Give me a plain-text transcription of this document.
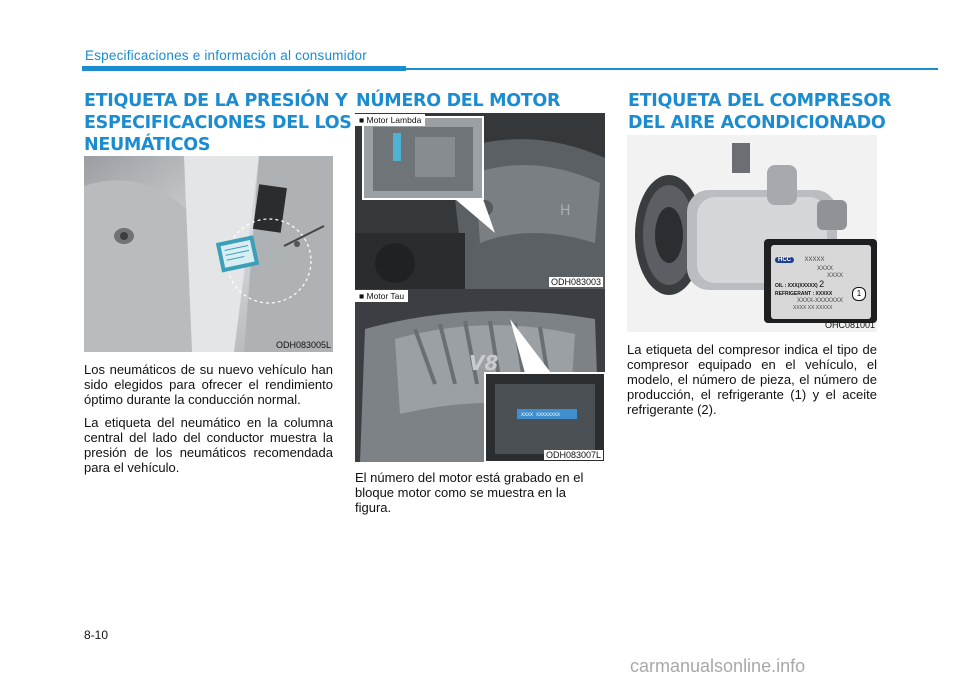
Especificaciones e información al consumidor
ETIQUETA DE LA PRESIÓN Y
ESPECIFICACIONES DEL LOS
NEUMÁTICOS
ODH083005L

Los neumáticos de su nuevo vehículo han sido elegidos para ofrecer el rendimiento óptimo durante la conducción normal.

La etiqueta del neumático en la columna central del lado del conductor muestra la presión de los neumáticos recomendada para el vehículo.

NÚMERO DEL MOTOR
H
■ Motor Lambda
ODH083003
V8
XXXX XXXXXXXX
■ Motor Tau
ODH083007L

El número del motor está grabado en el bloque motor como se muestra en la figura.

ETIQUETA DEL COMPRESOR
DEL AIRE ACONDICIONADO
HCC XXXXX
XXXX
XXXX
OIL : XXX(XXXXX) 2
REFRIGERANT : XXXXX
XXXX-XXXXXXX
XXXX XX XXXXX
1
OHC081001

La etiqueta del compresor indica el tipo de compresor equipado en el vehículo, el modelo, el número de pieza, el número de producción, el refrigerante (1) y el aceite refrigerante (2).

8-10
carmanualsonline.info
